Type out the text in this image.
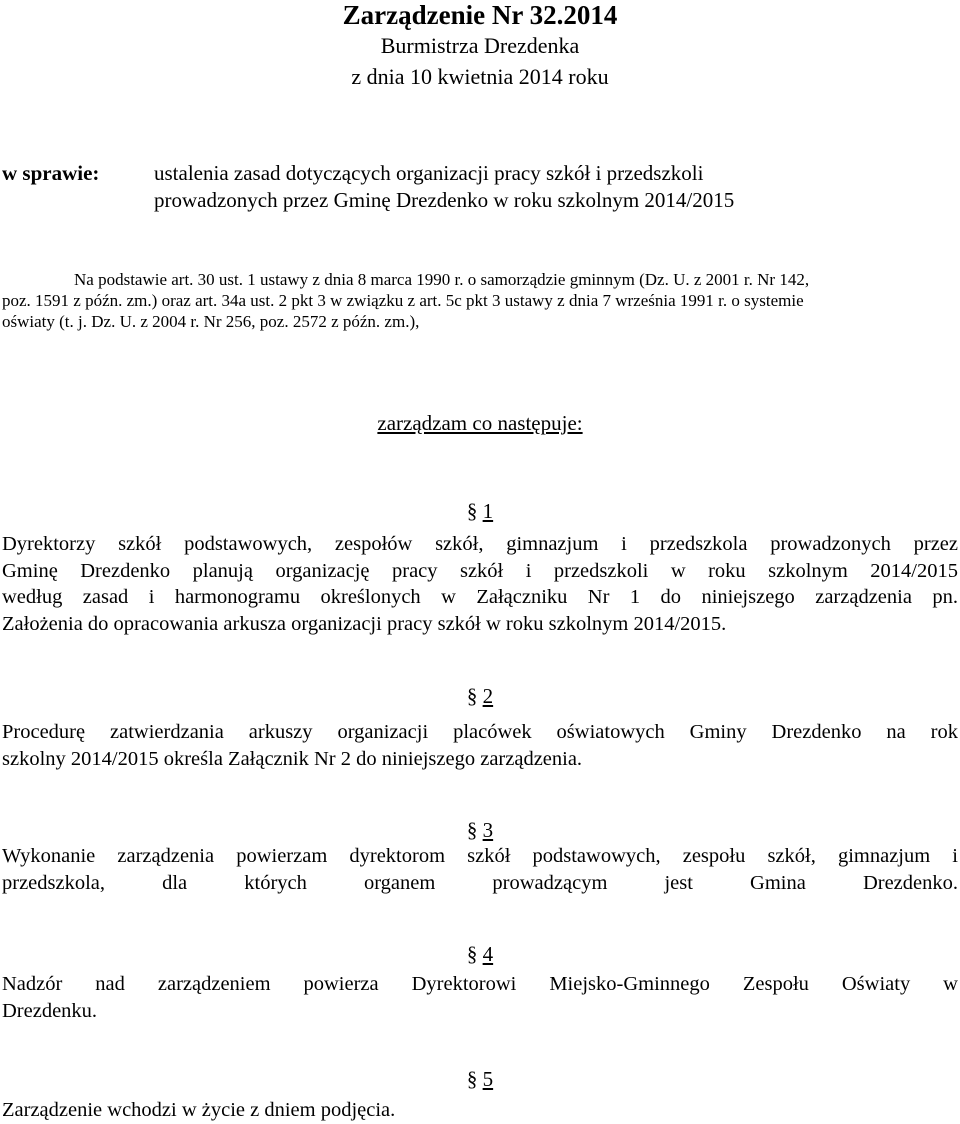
Zarządzenie Nr 32.2014
Burmistrza Drezdenka
z dnia 10 kwietnia 2014 roku
w sprawie:	ustalenia zasad dotyczących organizacji pracy szkół i przedszkoli
prowadzonych przez Gminę Drezdenko w roku szkolnym 2014/2015
Na podstawie art. 30 ust. 1 ustawy z dnia 8 marca 1990 r. o samorządzie gminnym (Dz. U. z 2001 r. Nr 142,
poz. 1591 z późn. zm.) oraz art. 34a ust. 2 pkt 3 w związku z art. 5c pkt 3 ustawy z dnia 7 września 1991 r. o systemie
oświaty (t. j. Dz. U. z 2004 r. Nr 256, poz. 2572 z późn. zm.),
zarządzam co następuje:
§ 1
Dyrektorzy szkół podstawowych, zespołów szkół, gimnazjum i przedszkola prowadzonych przez
Gminę Drezdenko planują organizację pracy szkół i przedszkoli w roku szkolnym 2014/2015
według zasad i harmonogramu określonych w Załączniku Nr 1 do niniejszego zarządzenia pn.
Założenia do opracowania arkusza organizacji pracy szkół w roku szkolnym 2014/2015.
§ 2
Procedurę zatwierdzania arkuszy organizacji placówek oświatowych Gminy Drezdenko na rok
szkolny 2014/2015 określa Załącznik Nr 2 do niniejszego zarządzenia.
§ 3
Wykonanie zarządzenia powierzam dyrektorom szkół podstawowych, zespołu szkół, gimnazjum i
przedszkola, dla których organem prowadzącym jest Gmina Drezdenko.
§ 4
Nadzór nad zarządzeniem powierza Dyrektorowi Miejsko-Gminnego Zespołu Oświaty w
Drezdenku.
§ 5
Zarządzenie wchodzi w życie z dniem podjęcia.
